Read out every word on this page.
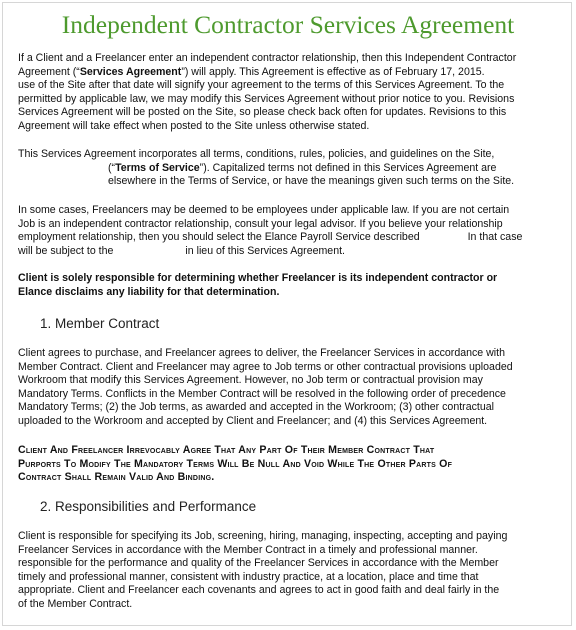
Independent Contractor Services Agreement
If a Client and a Freelancer enter an independent contractor relationship, then this Independent Contractor
Agreement (“Services Agreement”) will apply. This Agreement is effective as of February 17, 2015.
use of the Site after that date will signify your agreement to the terms of this Services Agreement. To the
permitted by applicable law, we may modify this Services Agreement without prior notice to you. Revisions
Services Agreement will be posted on the Site, so please check back often for updates. Revisions to this
Agreement will take effect when posted to the Site unless otherwise stated.
This Services Agreement incorporates all terms, conditions, rules, policies, and guidelines on the Site,
(“Terms of Service”). Capitalized terms not defined in this Services Agreement are
elsewhere in the Terms of Service, or have the meanings given such terms on the Site.
In some cases, Freelancers may be deemed to be employees under applicable law. If you are not certain
Job is an independent contractor relationship, consult your legal advisor. If you believe your relationship
employment relationship, then you should select the Elance Payroll Service described	In that case
will be subject to the	in lieu of this Services Agreement.
Client is solely responsible for determining whether Freelancer is its independent contractor or
Elance disclaims any liability for that determination.
1. Member Contract
Client agrees to purchase, and Freelancer agrees to deliver, the Freelancer Services in accordance with
Member Contract. Client and Freelancer may agree to Job terms or other contractual provisions uploaded
Workroom that modify this Services Agreement. However, no Job term or contractual provision may
Mandatory Terms. Conflicts in the Member Contract will be resolved in the following order of precedence
Mandatory Terms; (2) the Job terms, as awarded and accepted in the Workroom; (3) other contractual
uploaded to the Workroom and accepted by Client and Freelancer; and (4) this Services Agreement.
Client And Freelancer Irrevocably Agree That Any Part Of Their Member Contract That
Purports To Modify The Mandatory Terms Will Be Null And Void While The Other Parts Of
Contract Shall Remain Valid And Binding.
2. Responsibilities and Performance
Client is responsible for specifying its Job, screening, hiring, managing, inspecting, accepting and paying
Freelancer Services in accordance with the Member Contract in a timely and professional manner.
responsible for the performance and quality of the Freelancer Services in accordance with the Member
timely and professional manner, consistent with industry practice, at a location, place and time that
appropriate. Client and Freelancer each covenants and agrees to act in good faith and deal fairly in the
of the Member Contract.
